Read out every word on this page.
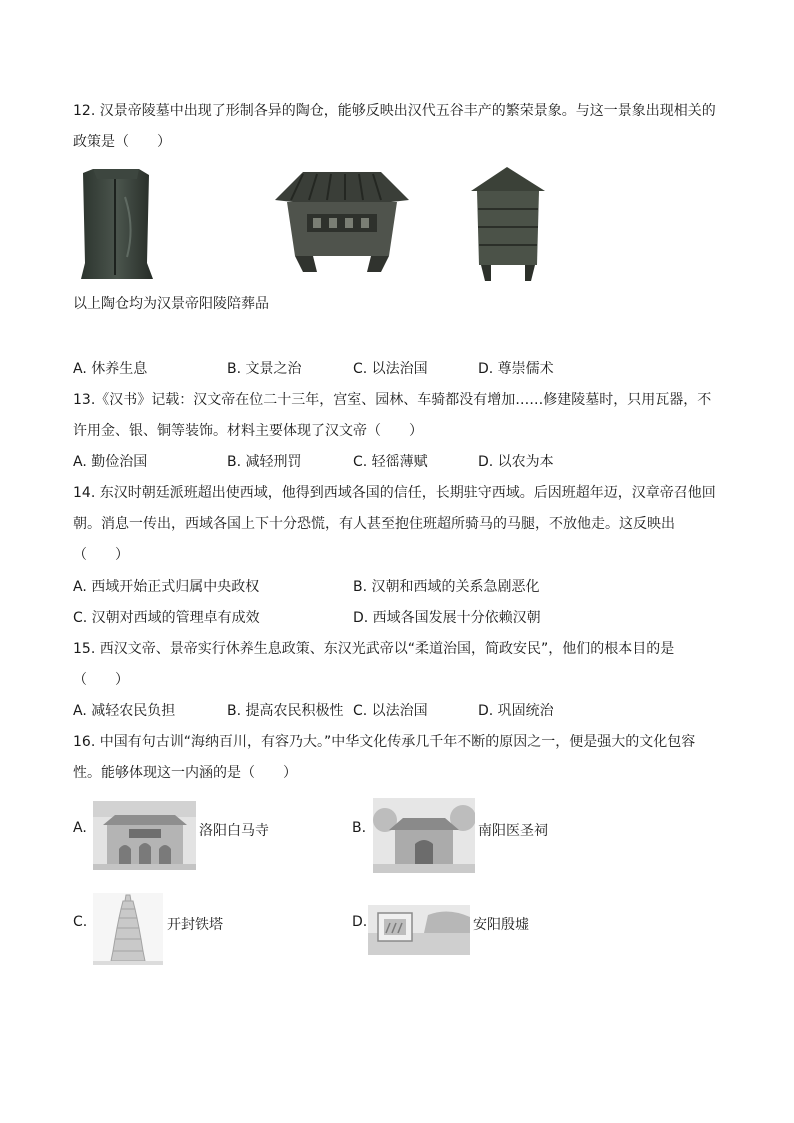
12. 汉景帝陵墓中出现了形制各异的陶仓，能够反映出汉代五谷丰产的繁荣景象。与这一景象出现相关的
政策是（　　）
以上陶仓均为汉景帝阳陵陪葬品
A. 休养生息	B. 文景之治	C. 以法治国	D. 尊崇儒术
13.《汉书》记载：汉文帝在位二十三年，宫室、园林、车骑都没有增加……修建陵墓时，只用瓦器，不
许用金、银、铜等装饰。材料主要体现了汉文帝（　　）
A. 勤俭治国	B. 减轻刑罚	C. 轻徭薄赋	D. 以农为本
14. 东汉时朝廷派班超出使西域，他得到西域各国的信任，长期驻守西域。后因班超年迈，汉章帝召他回
朝。消息一传出，西域各国上下十分恐慌，有人甚至抱住班超所骑马的马腿，不放他走。这反映出
（　　）
A. 西域开始正式归属中央政权	B. 汉朝和西域的关系急剧恶化
C. 汉朝对西域的管理卓有成效	D. 西域各国发展十分依赖汉朝
15. 西汉文帝、景帝实行休养生息政策、东汉光武帝以“柔道治国，简政安民”，他们的根本目的是
（　　）
A. 减轻农民负担	B. 提高农民积极性 C. 以法治国	D. 巩固统治
16. 中国有句古训“海纳百川，有容乃大。”中华文化传承几千年不断的原因之一，便是强大的文化包容
性。能够体现这一内涵的是（　　）
A.	洛阳白马寺	B.	南阳医圣祠
C.	开封铁塔	D.	安阳殷墟
